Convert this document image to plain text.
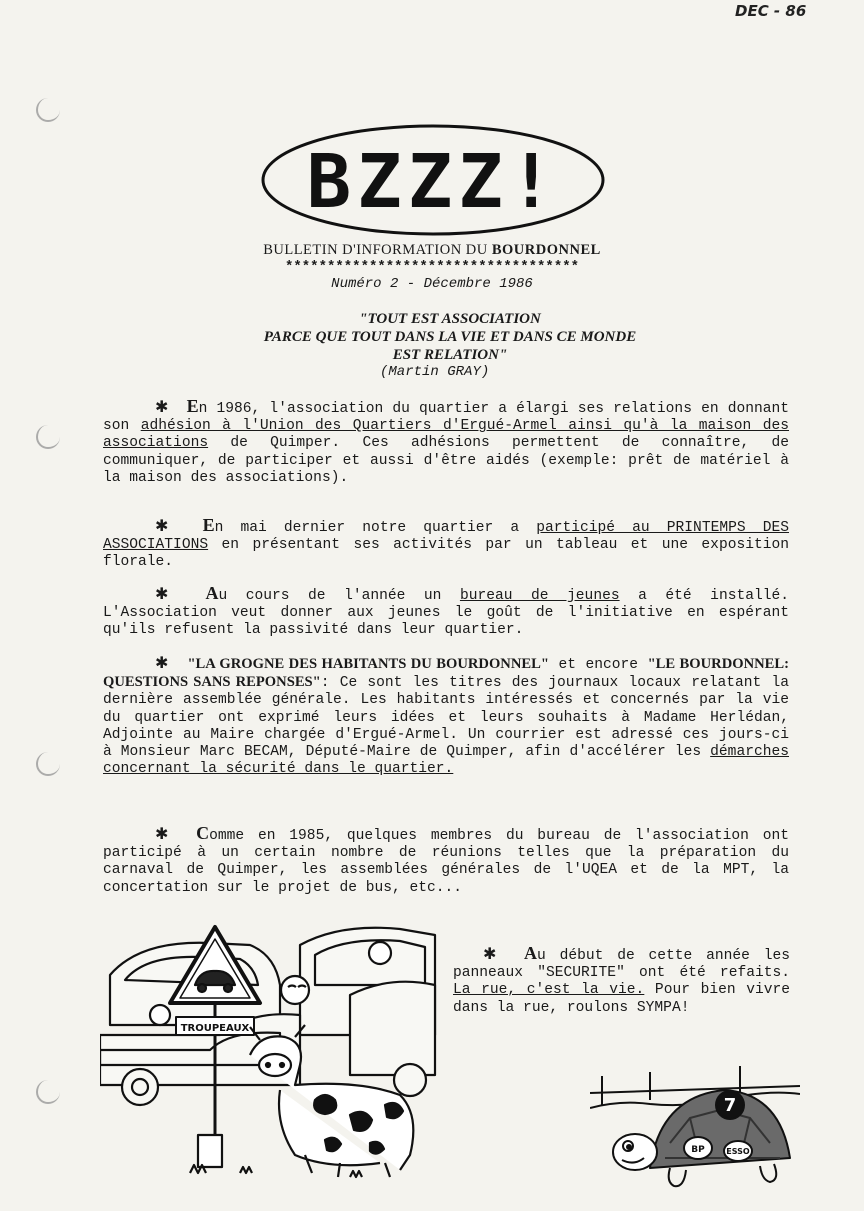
DEC - 86
BZZZ!
BULLETIN D'INFORMATION DU BOURDONNEL
***********************************
Numéro 2 - Décembre 1986
"TOUT EST ASSOCIATION
PARCE QUE TOUT DANS LA VIE ET DANS CE MONDE
EST RELATION"
(Martin GRAY)
✱ En 1986, l'association du quartier a élargi ses relations en donnant son adhésion à l'Union des Quartiers d'Ergué-Armel ainsi qu'à la maison des associations de Quimper. Ces adhésions permettent de connaître, de communiquer, de participer et aussi d'être aidés (exemple: prêt de matériel à la maison des associations).
✱ En mai dernier notre quartier a participé au PRINTEMPS DES ASSOCIATIONS en présentant ses activités par un tableau et une exposition florale.
✱ Au cours de l'année un bureau de jeunes a été installé. L'Association veut donner aux jeunes le goût de l'initiative en espérant qu'ils refusent la passivité dans leur quartier.
✱ "LA GROGNE DES HABITANTS DU BOURDONNEL" et encore "LE BOURDONNEL: QUESTIONS SANS REPONSES": Ce sont les titres des journaux locaux relatant la dernière assemblée générale. Les habitants intéressés et concernés par la vie du quartier ont exprimé leurs idées et leurs souhaits à Madame Herlédan, Adjointe au Maire chargée d'Ergué-Armel. Un courrier est adressé ces jours-ci à Monsieur Marc BECAM, Député-Maire de Quimper, afin d'accélérer les démarches concernant la sécurité dans le quartier.
✱ Comme en 1985, quelques membres du bureau de l'association ont participé à un certain nombre de réunions telles que la préparation du carnaval de Quimper, les assemblées générales de l'UQEA et de la MPT, la concertation sur le projet de bus, etc...
TROUPEAUX
✱ Au début de cette année les panneaux "SECURITE" ont été refaits. La rue, c'est la vie. Pour bien vivre dans la rue, roulons SYMPA!
7
BP	ESSO
